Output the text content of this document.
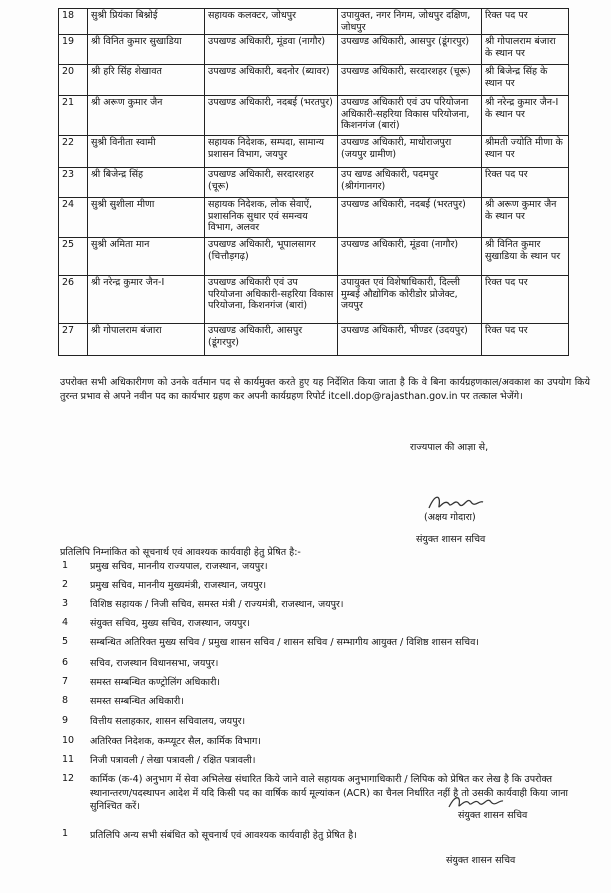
18	सुश्री प्रियंका बिश्नोई	सहायक कलक्टर, जोधपुर	उपायुक्त, नगर निगम, जोधपुर दक्षिण, जोधपुर	रिक्त पद पर
19	श्री विनित कुमार सुखाडिया	उपखण्ड अधिकारी, मूंडवा (नागौर)	उपखण्ड अधिकारी, आसपुर (डूंगरपुर)	श्री गोपालराम बंजारा के स्थान पर
20	श्री हरि सिंह शेखावत	उपखण्ड अधिकारी, बदनोर (ब्यावर)	उपखण्ड अधिकारी, सरदारशहर (चूरू)	श्री बिजेन्द्र सिंह के स्थान पर
21	श्री अरूण कुमार जैन	उपखण्ड अधिकारी, नदबई (भरतपुर)	उपखण्ड अधिकारी एवं उप परियोजना अधिकारी-सहरिया विकास परियोजना, किशनगंज (बारां)	श्री नरेन्द्र कुमार जैन-I के स्थान पर
22	सुश्री विनीता स्वामी	सहायक निदेशक, सम्पदा, सामान्य प्रशासन विभाग, जयपुर	उपखण्ड अधिकारी, माधोराजपुरा (जयपुर ग्रामीण)	श्रीमती ज्योति मीणा के स्थान पर
23	श्री बिजेन्द्र सिंह	उपखण्ड अधिकारी, सरदारशहर (चूरू)	उप खण्ड अधिकारी, पदमपुर (श्रीगंगानगर)	रिक्त पद पर
24	सुश्री सुशीला मीणा	सहायक निदेशक, लोक सेवाऐं, प्रशासनिक सुधार एवं समन्वय विभाग, अलवर	उपखण्ड अधिकारी, नदबई (भरतपुर)	श्री अरूण कुमार जैन के स्थान पर
25	सुश्री अमिता मान	उपखण्ड अधिकारी, भूपालसागर (चित्तौड़गढ़)	उपखण्ड अधिकारी, मूंडवा (नागौर)	श्री विनित कुमार सुखाडिया के स्थान पर
26	श्री नरेन्द्र कुमार जैन-I	उपखण्ड अधिकारी एवं उप परियोजना अधिकारी-सहरिया विकास परियोजना, किशनगंज (बारां)	उपायुक्त एवं विशेषाधिकारी, दिल्ली मुम्बई औद्योगिक कोरीडोर प्रोजेक्ट, जयपुर	रिक्त पद पर
27	श्री गोपालराम बंजारा	उपखण्ड अधिकारी, आसपुर (डूंगरपुर)	उपखण्ड अधिकारी, भीण्डर (उदयपुर)	रिक्त पद पर
उपरोक्त सभी अधिकारीगण को उनके वर्तमान पद से कार्यमुक्त करते हुए यह निर्देशित किया जाता है कि वे बिना कार्यग्रहणकाल/अवकाश का उपयोग किये तुरन्त प्रभाव से अपने नवीन पद का कार्यभार ग्रहण कर अपनी कार्यग्रहण रिपोर्ट itcell.dop@rajasthan.gov.in पर तत्काल भेजेंगे।
राज्यपाल की आज्ञा से,
(अक्षय गोदारा)
संयुक्त शासन सचिव
प्रतिलिपि निम्नांकित को सूचनार्थ एवं आवश्यक कार्यवाही हेतु प्रेषित है:-
1 प्रमुख सचिव, माननीय राज्यपाल, राजस्थान, जयपुर।
2 प्रमुख सचिव, माननीय मुख्यमंत्री, राजस्थान, जयपुर।
3 विशिष्ठ सहायक / निजी सचिव, समस्त मंत्री / राज्यमंत्री, राजस्थान, जयपुर।
4 संयुक्त सचिव, मुख्य सचिव, राजस्थान, जयपुर।
5 सम्बन्धित अतिरिक्त मुख्य सचिव / प्रमुख शासन सचिव / शासन सचिव / सम्भागीय आयुक्त / विशिष्ठ शासन सचिव।
6 सचिव, राजस्थान विधानसभा, जयपुर।
7 समस्त सम्बन्धित कण्ट्रोलिंग अधिकारी।
8 समस्त सम्बन्धित अधिकारी।
9 वित्तीय सलाहकार, शासन सचिवालय, जयपुर।
10 अतिरिक्त निदेशक, कम्प्यूटर सैल, कार्मिक विभाग।
11 निजी पत्रावली / लेखा पत्रावली / रक्षित पत्रावली।
12 कार्मिक (क-4) अनुभाग में सेवा अभिलेख संधारित किये जाने वाले सहायक अनुभागाधिकारी / लिपिक को प्रेषित कर लेख है कि उपरोक्त स्थानान्तरण/पदस्थापन आदेश में यदि किसी पद का वार्षिक कार्य मूल्यांकन (ACR) का चैनल निर्धारित नहीं है तो उसकी कार्यवाही किया जाना सुनिश्चित करें।
संयुक्त शासन सचिव
1 प्रतिलिपि अन्य सभी संबंधित को सूचनार्थ एवं आवश्यक कार्यवाही हेतु प्रेषित है।
संयुक्त शासन सचिव
